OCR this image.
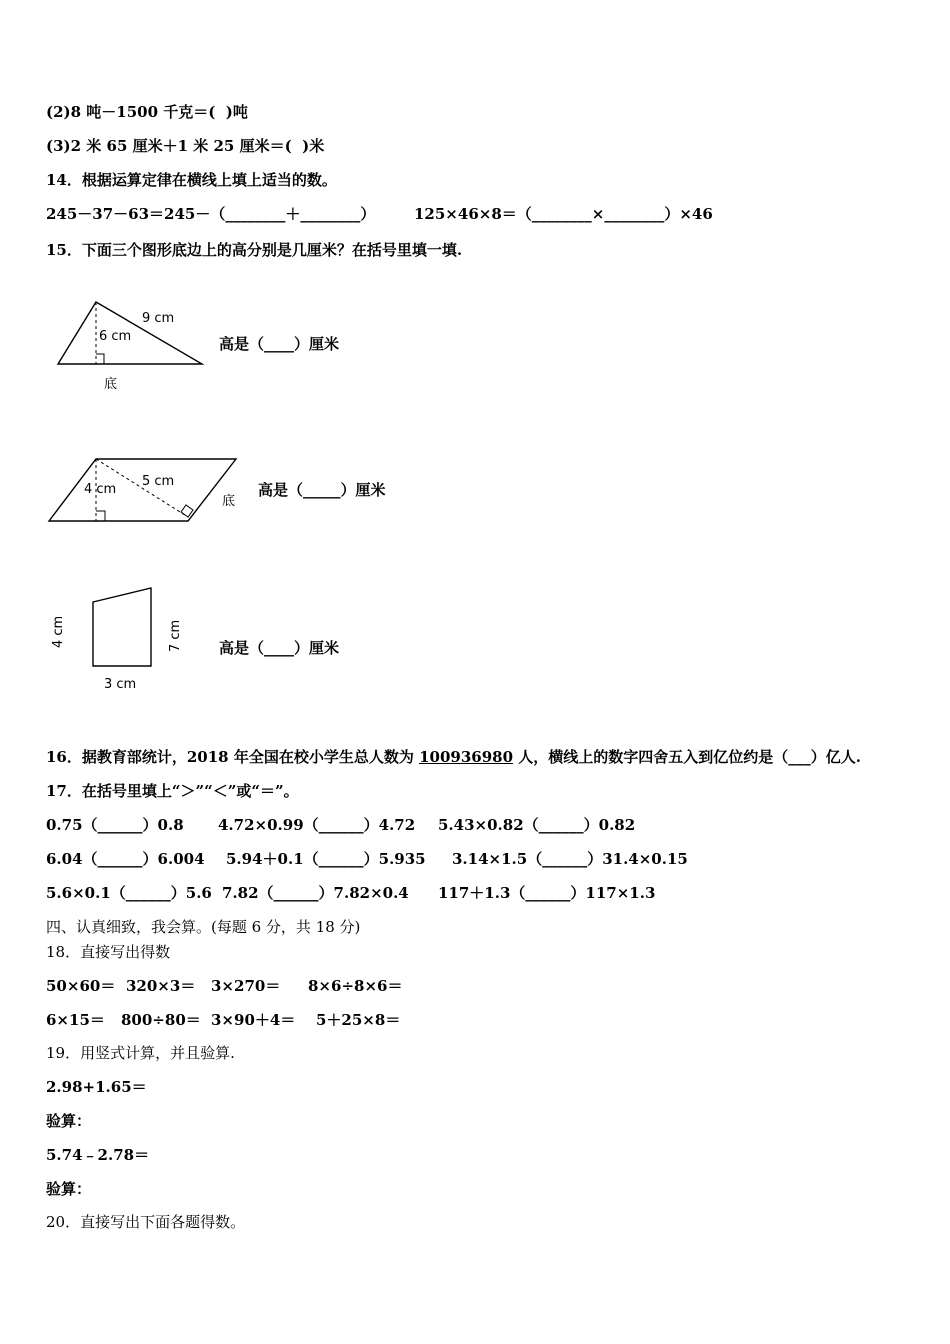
(2)8 吨－1500 千克＝(  )吨
(3)2 米 65 厘米＋1 米 25 厘米＝(  )米
14．根据运算定律在横线上填上适当的数。
245－37－63＝245－（________＋________）	125×46×8＝（________×________）×46
15．下面三个图形底边上的高分别是几厘米？在括号里填一填.
9 cm
6 cm
底
高是（____）厘米
4 cm
5 cm
底
高是（_____）厘米
4 cm	7 cm
3 cm
高是（____）厘米
16．据教育部统计，2018 年全国在校小学生总人数为 100936980 人，横线上的数字四舍五入到亿位约是（___）亿人.
17．在括号里填上“＞”“＜”或“＝”。
0.75（______）0.8 4.72×0.99（______）4.72 5.43×0.82（______）0.82
6.04（______）6.004 5.94＋0.1（______）5.935 3.14×1.5（______）31.4×0.15
5.6×0.1（______）5.6 7.82（______）7.82×0.4 117＋1.3（______）117×1.3
四、认真细致，我会算。(每题 6 分，共 18 分)
18．直接写出得数
50×60＝ 320×3＝ 3×270＝ 8×6÷8×6＝
6×15＝ 800÷80＝ 3×90＋4＝ 5＋25×8＝
19．用竖式计算，并且验算.
2.98+1.65＝
验算：
5.74﹣2.78＝
验算：
20．直接写出下面各题得数。
